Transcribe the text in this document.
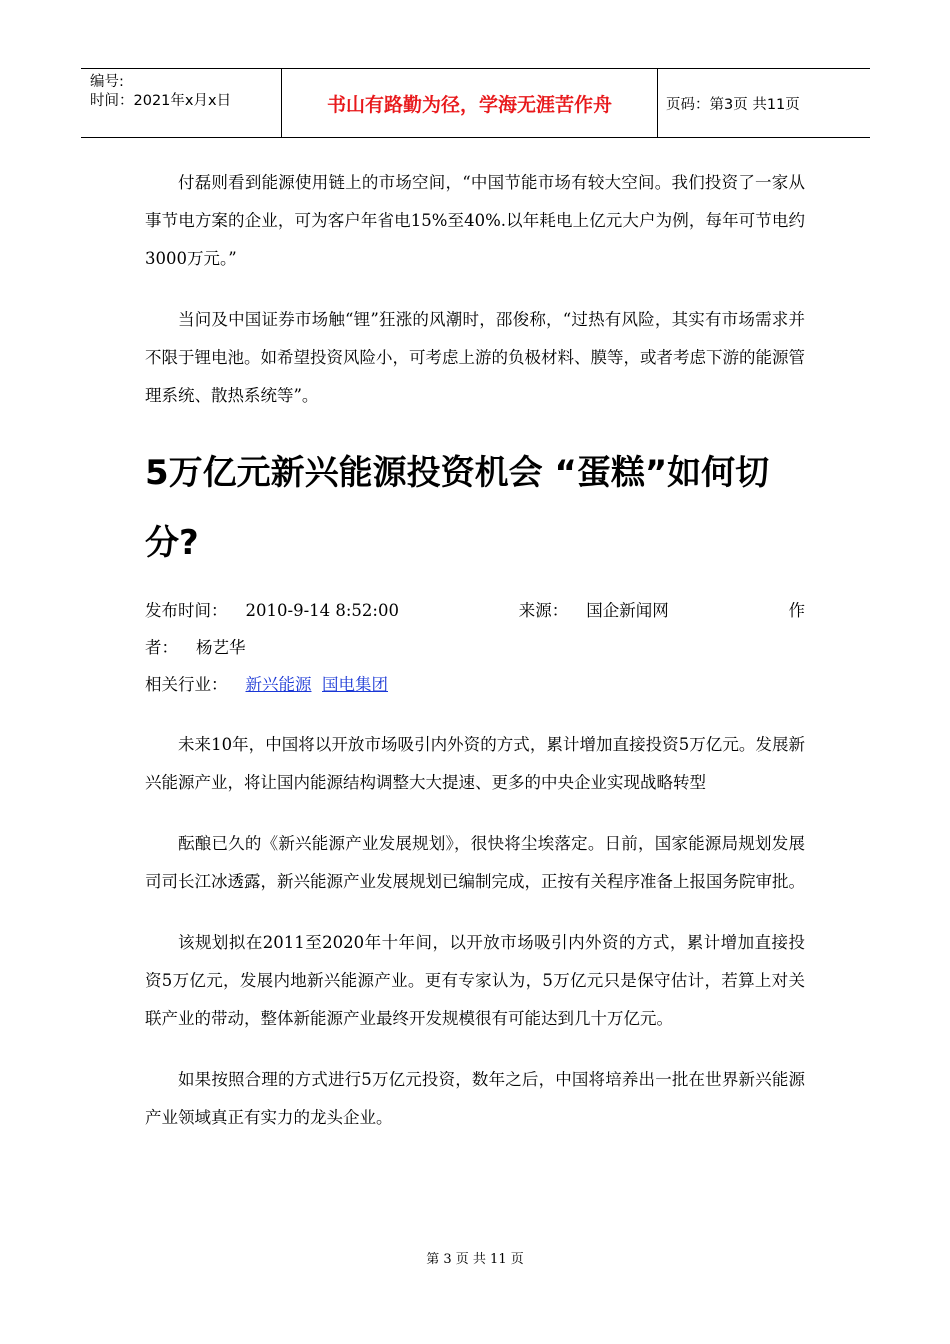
编号:
时间：2021年x月x日	书山有路勤为径，学海无涯苦作舟	页码：第3页 共11页

付磊则看到能源使用链上的市场空间，“中国节能市场有较大空间。我们投资了一家从事节电方案的企业，可为客户年省电15%至40%.以年耗电上亿元大户为例，每年可节电约3000万元。”

当问及中国证券市场触“锂”狂涨的风潮时，邵俊称，“过热有风险，其实有市场需求并不限于锂电池。如希望投资风险小，可考虑上游的负极材料、膜等，或者考虑下游的能源管理系统、散热系统等”。

5万亿元新兴能源投资机会 “蛋糕”如何切分?
发布时间： 2010-9-14 8:52:00	来源： 国企新闻网	作
者： 杨艺华
相关行业： 新兴能源 国电集团

未来10年，中国将以开放市场吸引内外资的方式，累计增加直接投资5万亿元。发展新兴能源产业，将让国内能源结构调整大大提速、更多的中央企业实现战略转型

酝酿已久的《新兴能源产业发展规划》，很快将尘埃落定。日前，国家能源局规划发展司司长江冰透露，新兴能源产业发展规划已编制完成，正按有关程序准备上报国务院审批。

该规划拟在2011至2020年十年间，以开放市场吸引内外资的方式，累计增加直接投资5万亿元，发展内地新兴能源产业。更有专家认为，5万亿元只是保守估计，若算上对关联产业的带动，整体新能源产业最终开发规模很有可能达到几十万亿元。

如果按照合理的方式进行5万亿元投资，数年之后，中国将培养出一批在世界新兴能源产业领域真正有实力的龙头企业。

第 3 页 共 11 页
